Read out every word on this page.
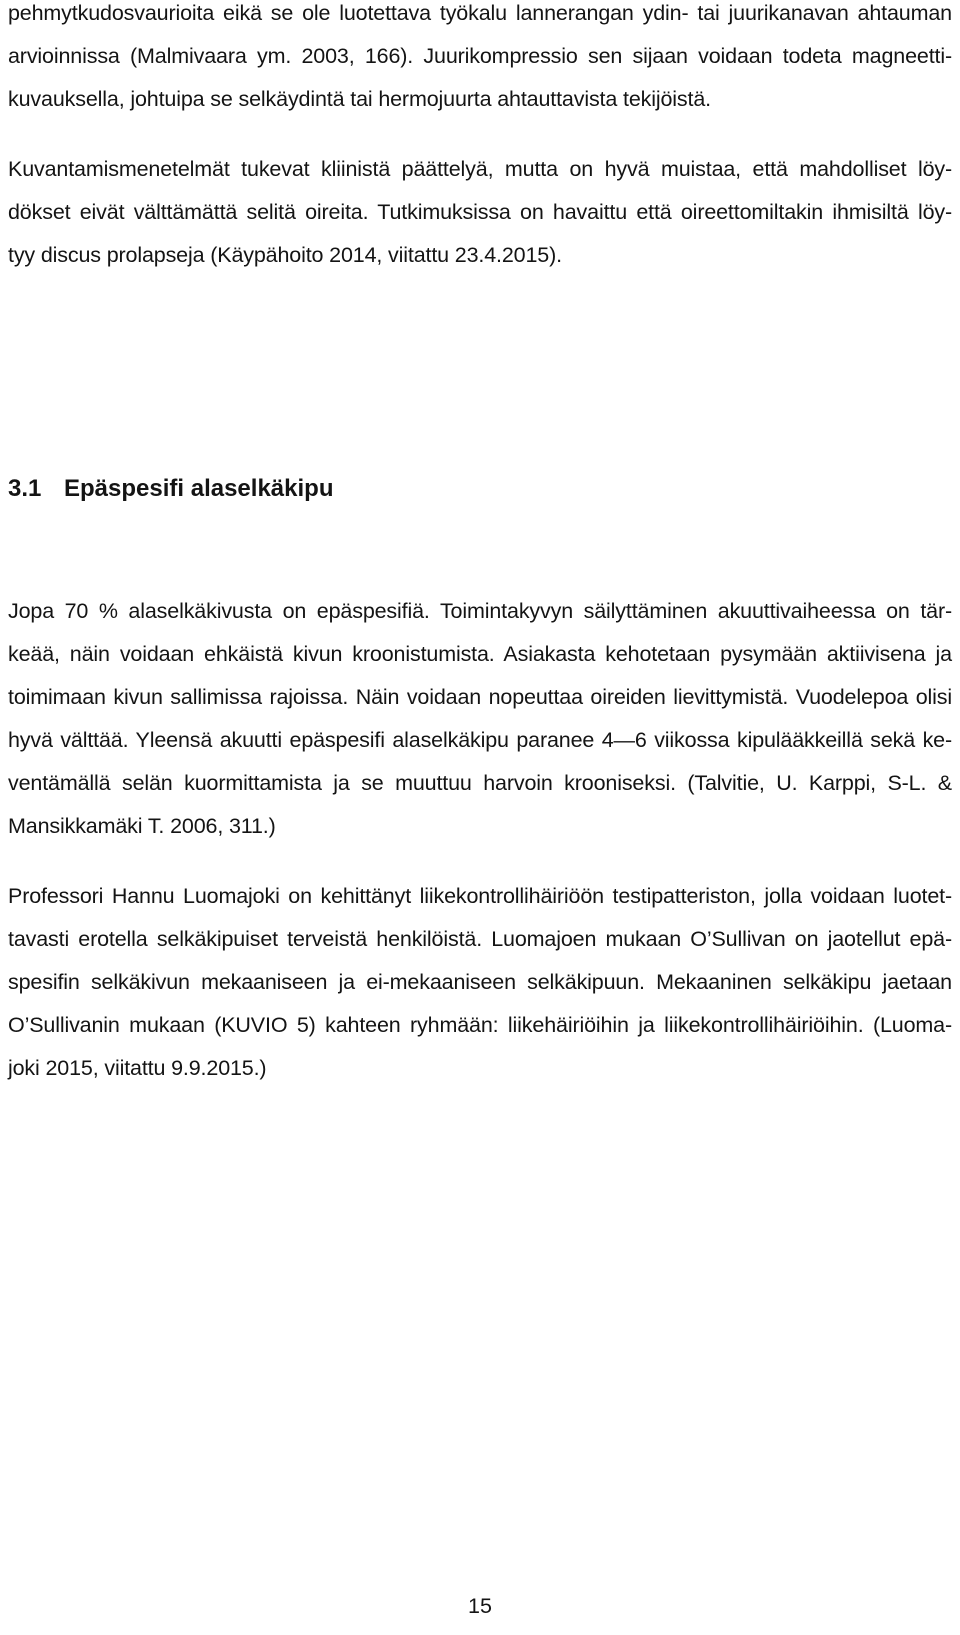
pehmytkudosvaurioita eikä se ole luotettava työkalu lannerangan ydin- tai juurikanavan ahtauman

arvioinnissa (Malmivaara ym. 2003, 166). Juurikompressio sen sijaan voidaan todeta magneetti-

kuvauksella, johtuipa se selkäydintä tai hermojuurta ahtauttavista tekijöistä.

Kuvantamismenetelmät tukevat kliinistä päättelyä, mutta on hyvä muistaa, että mahdolliset löy-

dökset eivät välttämättä selitä oireita. Tutkimuksissa on havaittu että oireettomiltakin ihmisiltä löy-

tyy discus prolapseja (Käypähoito 2014, viitattu 23.4.2015).

3.1 Epäspesifi alaselkäkipu

Jopa 70 % alaselkäkivusta on epäspesifiä. Toimintakyvyn säilyttäminen akuuttivaiheessa on tär-

keää, näin voidaan ehkäistä kivun kroonistumista. Asiakasta kehotetaan pysymään aktiivisena ja

toimimaan kivun sallimissa rajoissa. Näin voidaan nopeuttaa oireiden lievittymistä. Vuodelepoa olisi

hyvä välttää. Yleensä akuutti epäspesifi alaselkäkipu paranee 4—6 viikossa kipulääkkeillä sekä ke-

ventämällä selän kuormittamista ja se muuttuu harvoin krooniseksi. (Talvitie, U. Karppi, S-L. &

Mansikkamäki T. 2006, 311.)

Professori Hannu Luomajoki on kehittänyt liikekontrollihäiriöön testipatteriston, jolla voidaan luotet-

tavasti erotella selkäkipuiset terveistä henkilöistä. Luomajoen mukaan O’Sullivan on jaotellut epä-

spesifin selkäkivun mekaaniseen ja ei-mekaaniseen selkäkipuun. Mekaaninen selkäkipu jaetaan

O’Sullivanin mukaan (KUVIO 5) kahteen ryhmään: liikehäiriöihin ja liikekontrollihäiriöihin. (Luoma-

joki 2015, viitattu 9.9.2015.)

15
